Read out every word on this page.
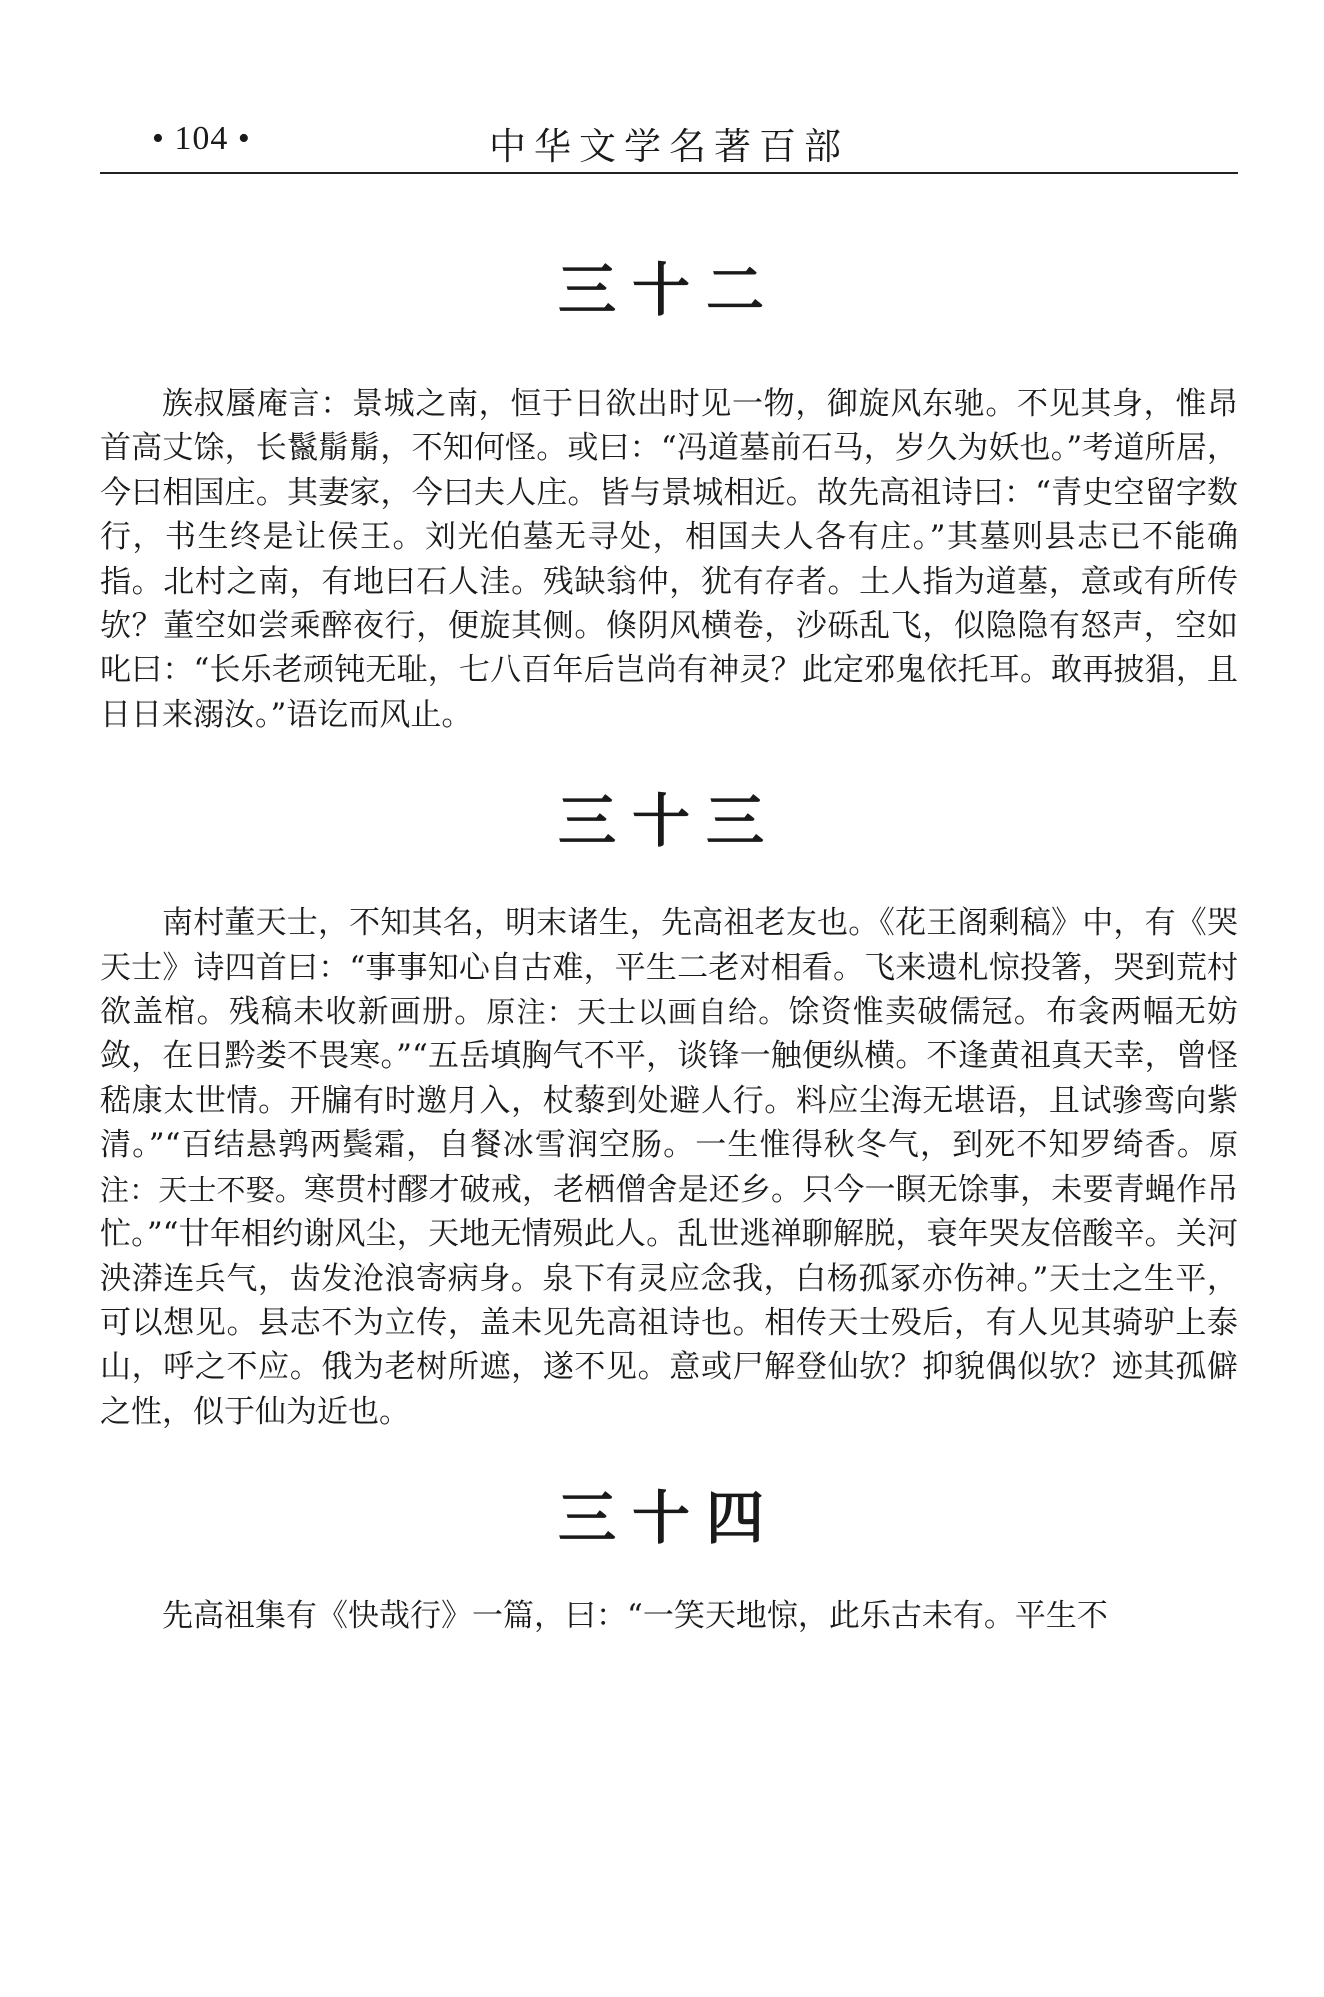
• 104 •	中华文学名著百部
三十二

族叔蜃庵言：景城之南，恒于日欲出时见一物，御旋风东驰。不见其身，惟昂首高丈馀，长鬣鬅鬅，不知何怪。或曰：“冯道墓前石马，岁久为妖也。”考道所居，今曰相国庄。其妻家，今曰夫人庄。皆与景城相近。故先高祖诗曰：“青史空留字数行，书生终是让侯王。刘光伯墓无寻处，相国夫人各有庄。”其墓则县志已不能确指。北村之南，有地曰石人洼。残缺翁仲，犹有存者。土人指为道墓，意或有所传欤？董空如尝乘醉夜行，便旋其侧。倏阴风横卷，沙砾乱飞，似隐隐有怒声，空如叱曰：“长乐老顽钝无耻，七八百年后岂尚有神灵？此定邪鬼依托耳。敢再披猖，且日日来溺汝。”语讫而风止。

三十三

南村董天士，不知其名，明末诸生，先高祖老友也。《花王阁剩稿》中，有《哭天士》诗四首曰：“事事知心自古难，平生二老对相看。飞来遗札惊投箸，哭到荒村欲盖棺。残稿未收新画册。原注：天士以画自给。馀资惟卖破儒冠。布衾两幅无妨敛，在日黔娄不畏寒。”“五岳填胸气不平，谈锋一触便纵横。不逢黄祖真天幸，曾怪嵇康太世情。开牖有时邀月入，杖藜到处避人行。料应尘海无堪语，且试骖鸾向紫清。”“百结悬鹑两鬓霜，自餐冰雪润空肠。一生惟得秋冬气，到死不知罗绮香。原注：天士不娶。寒贯村醪才破戒，老栖僧舍是还乡。只今一瞑无馀事，未要青蝇作吊忙。”“廿年相约谢风尘，天地无情殒此人。乱世逃禅聊解脱，衰年哭友倍酸辛。关河泱漭连兵气，齿发沧浪寄病身。泉下有灵应念我，白杨孤冢亦伤神。”天士之生平，可以想见。县志不为立传，盖未见先高祖诗也。相传天士殁后，有人见其骑驴上泰山，呼之不应。俄为老树所遮，遂不见。意或尸解登仙欤？抑貌偶似欤？迹其孤僻之性，似于仙为近也。

三十四

先高祖集有《快哉行》一篇，曰：“一笑天地惊，此乐古未有。平生不
